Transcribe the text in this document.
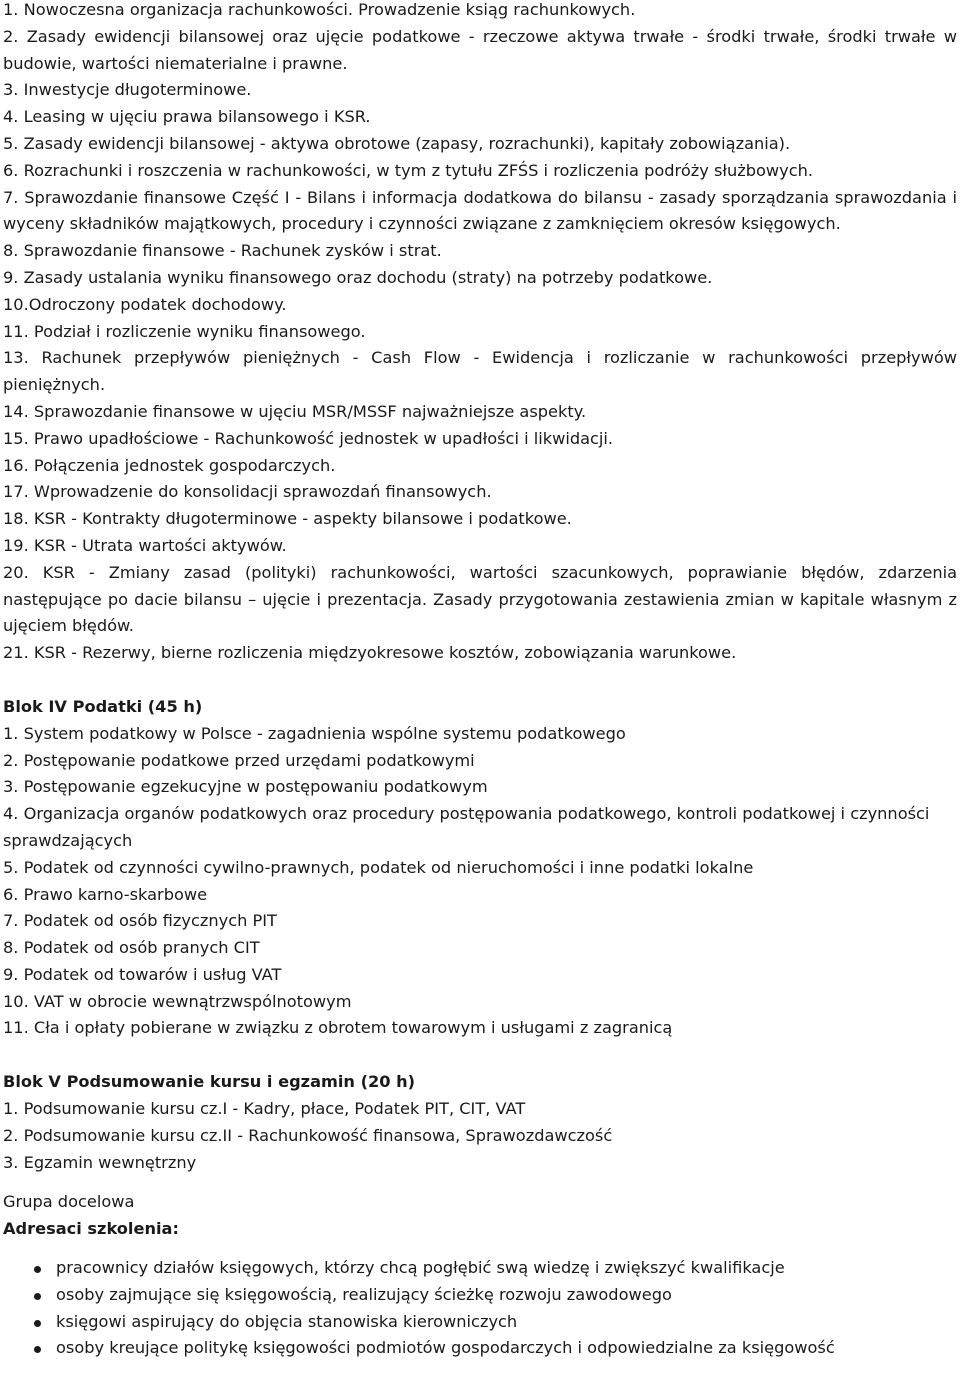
1. Nowoczesna organizacja rachunkowości. Prowadzenie ksiąg rachunkowych.

2. Zasady ewidencji bilansowej oraz ujęcie podatkowe - rzeczowe aktywa trwałe - środki trwałe, środki trwałe w budowie, wartości niematerialne i prawne.

3. Inwestycje długoterminowe.

4. Leasing w ujęciu prawa bilansowego i KSR.

5. Zasady ewidencji bilansowej - aktywa obrotowe (zapasy, rozrachunki), kapitały zobowiązania).

6. Rozrachunki i roszczenia w rachunkowości, w tym z tytułu ZFŚS i rozliczenia podróży służbowych.

7. Sprawozdanie finansowe Część I - Bilans i informacja dodatkowa do bilansu - zasady sporządzania sprawozdania i wyceny składników majątkowych, procedury i czynności związane z zamknięciem okresów księgowych.

8. Sprawozdanie finansowe - Rachunek zysków i strat.

9. Zasady ustalania wyniku finansowego oraz dochodu (straty) na potrzeby podatkowe.

10.Odroczony podatek dochodowy.

11. Podział i rozliczenie wyniku finansowego.

13. Rachunek przepływów pieniężnych - Cash Flow - Ewidencja i rozliczanie w rachunkowości przepływów pieniężnych.

14. Sprawozdanie finansowe w ujęciu MSR/MSSF najważniejsze aspekty.

15. Prawo upadłościowe - Rachunkowość jednostek w upadłości i likwidacji.

16. Połączenia jednostek gospodarczych.

17. Wprowadzenie do konsolidacji sprawozdań finansowych.

18. KSR - Kontrakty długoterminowe - aspekty bilansowe i podatkowe.

19. KSR - Utrata wartości aktywów.

20. KSR - Zmiany zasad (polityki) rachunkowości, wartości szacunkowych, poprawianie błędów, zdarzenia następujące po dacie bilansu – ujęcie i prezentacja. Zasady przygotowania zestawienia zmian w kapitale własnym z ujęciem błędów.

21. KSR - Rezerwy, bierne rozliczenia międzyokresowe kosztów, zobowiązania warunkowe.

Blok IV Podatki (45 h)

1. System podatkowy w Polsce - zagadnienia wspólne systemu podatkowego

2. Postępowanie podatkowe przed urzędami podatkowymi

3. Postępowanie egzekucyjne w postępowaniu podatkowym

4. Organizacja organów podatkowych oraz procedury postępowania podatkowego, kontroli podatkowej i czynności sprawdzających

5. Podatek od czynności cywilno-prawnych, podatek od nieruchomości i inne podatki lokalne

6. Prawo karno-skarbowe

7. Podatek od osób fizycznych PIT

8. Podatek od osób pranych CIT

9. Podatek od towarów i usług VAT

10. VAT w obrocie wewnątrzwspólnotowym

11. Cła i opłaty pobierane w związku z obrotem towarowym i usługami z zagranicą

Blok V Podsumowanie kursu i egzamin (20 h)

1. Podsumowanie kursu cz.I - Kadry, płace, Podatek PIT, CIT, VAT

2. Podsumowanie kursu cz.II - Rachunkowość finansowa, Sprawozdawczość

3. Egzamin wewnętrzny

Grupa docelowa

Adresaci szkolenia:

pracownicy działów księgowych, którzy chcą pogłębić swą wiedzę i zwiększyć kwalifikacje
osoby zajmujące się księgowością, realizujący ścieżkę rozwoju zawodowego
księgowi aspirujący do objęcia stanowiska kierowniczych
osoby kreujące politykę księgowości podmiotów gospodarczych i odpowiedzialne za księgowość
